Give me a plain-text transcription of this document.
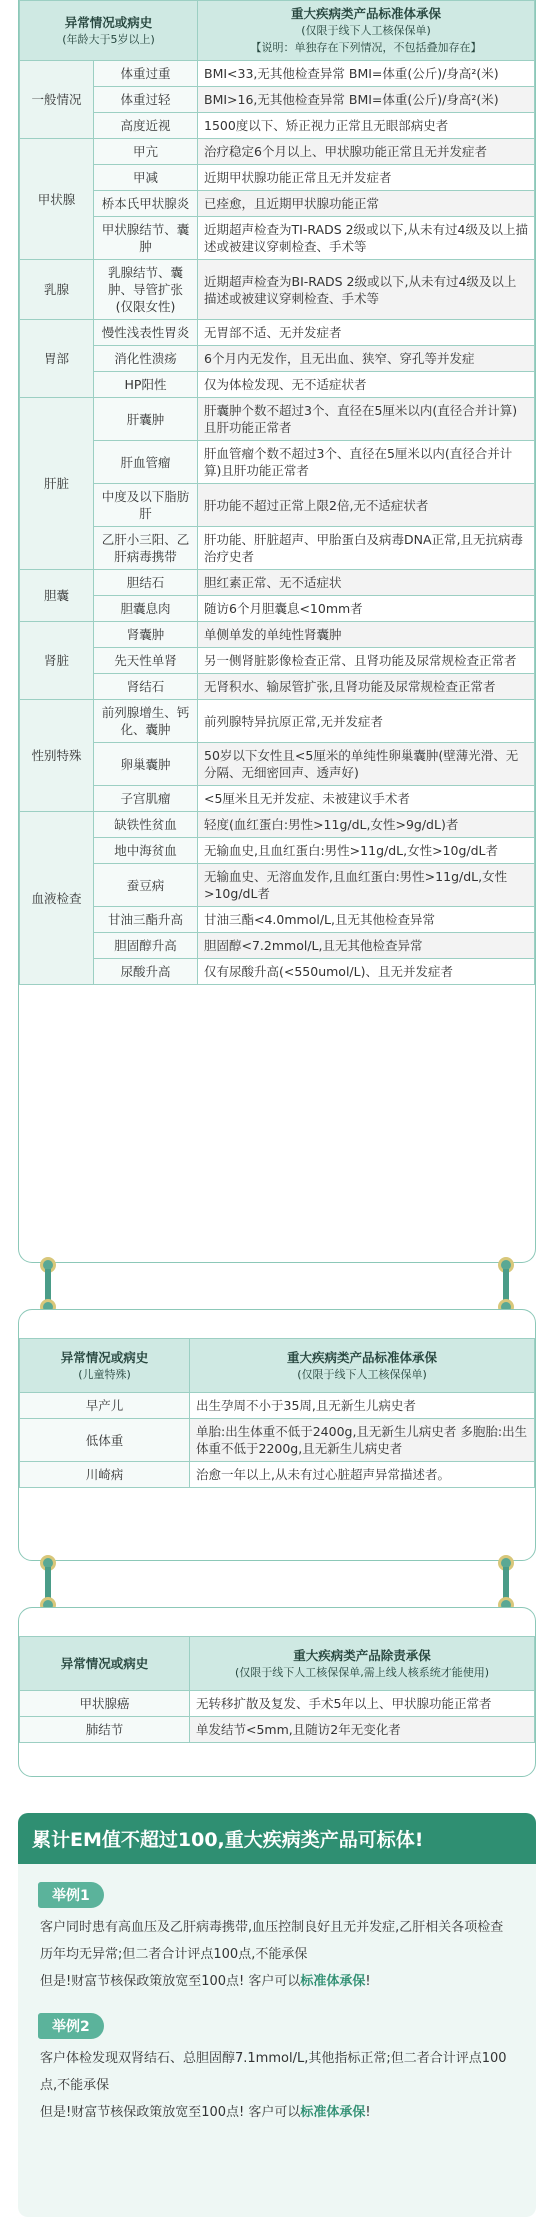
异常情况或病史
(年龄大于5岁以上)		重大疾病类产品标准体承保
(仅限于线下人工核保保单)
【说明：单独存在下列情况，不包括叠加存在】

一般情况	体重过重	BMI<33,无其他检查异常 BMI=体重(公斤)/身高²(米)
	体重过轻	BMI>16,无其他检查异常 BMI=体重(公斤)/身高²(米)
	高度近视	1500度以下、矫正视力正常且无眼部病史者
甲状腺	甲亢	治疗稳定6个月以上、甲状腺功能正常且无并发症者
	甲减	近期甲状腺功能正常且无并发症者
	桥本氏甲状腺炎	已痊愈，且近期甲状腺功能正常
	甲状腺结节、囊肿	近期超声检查为TI-RADS 2级或以下,从未有过4级及以上描述或被建议穿刺检查、手术等
乳腺	乳腺结节、囊肿、导管扩张(仅限女性)	近期超声检查为BI-RADS 2级或以下,从未有过4级及以上描述或被建议穿刺检查、手术等
胃部	慢性浅表性胃炎	无胃部不适、无并发症者
	消化性溃疡	6个月内无发作，且无出血、狭窄、穿孔等并发症
	HP阳性	仅为体检发现、无不适症状者
肝脏	肝囊肿	肝囊肿个数不超过3个、直径在5厘米以内(直径合并计算)且肝功能正常者
	肝血管瘤	肝血管瘤个数不超过3个、直径在5厘米以内(直径合并计算)且肝功能正常者
	中度及以下脂肪肝	肝功能不超过正常上限2倍,无不适症状者
	乙肝小三阳、乙肝病毒携带	肝功能、肝脏超声、甲胎蛋白及病毒DNA正常,且无抗病毒治疗史者
胆囊	胆结石	胆红素正常、无不适症状
	胆囊息肉	随访6个月胆囊息<10mm者
肾脏	肾囊肿	单侧单发的单纯性肾囊肿
	先天性单肾	另一侧肾脏影像检查正常、且肾功能及尿常规检查正常者
	肾结石	无肾积水、输尿管扩张,且肾功能及尿常规检查正常者
性别特殊	前列腺增生、钙化、囊肿	前列腺特异抗原正常,无并发症者
	卵巢囊肿	50岁以下女性且<5厘米的单纯性卵巢囊肿(壁薄光滑、无分隔、无细密回声、透声好)
	子宫肌瘤	<5厘米且无并发症、未被建议手术者
血液检查	缺铁性贫血	轻度(血红蛋白:男性>11g/dL,女性>9g/dL)者
	地中海贫血	无输血史,且血红蛋白:男性>11g/dL,女性>10g/dL者
	蚕豆病	无输血史、无溶血发作,且血红蛋白:男性>11g/dL,女性>10g/dL者
	甘油三酯升高	甘油三酯<4.0mmol/L,且无其他检查异常
	胆固醇升高	胆固醇<7.2mmol/L,且无其他检查异常
	尿酸升高	仅有尿酸升高(<550umol/L)、且无并发症者
异常情况或病史
(儿童特殊)	重大疾病类产品标准体承保
(仅限于线下人工核保保单)

早产儿	出生孕周不小于35周,且无新生儿病史者
低体重	单胎:出生体重不低于2400g,且无新生儿病史者 多胞胎:出生体重不低于2200g,且无新生儿病史者
川崎病	治愈一年以上,从未有过心脏超声异常描述者。
异常情况或病史	重大疾病类产品除责承保
(仅限于线下人工核保保单,需上线人核系统才能使用)

甲状腺癌	无转移扩散及复发、手术5年以上、甲状腺功能正常者
肺结节	单发结节<5mm,且随访2年无变化者
累计EM值不超过100,重大疾病类产品可标体!
举例1
客户同时患有高血压及乙肝病毒携带,血压控制良好且无并发症,乙肝相关各项检查历年均无异常;但二者合计评点100点,不能承保
但是!财富节核保政策放宽至100点! 客户可以标准体承保!
举例2
客户体检发现双肾结石、总胆固醇7.1mmol/L,其他指标正常;但二者合计评点100点,不能承保
但是!财富节核保政策放宽至100点! 客户可以标准体承保!
